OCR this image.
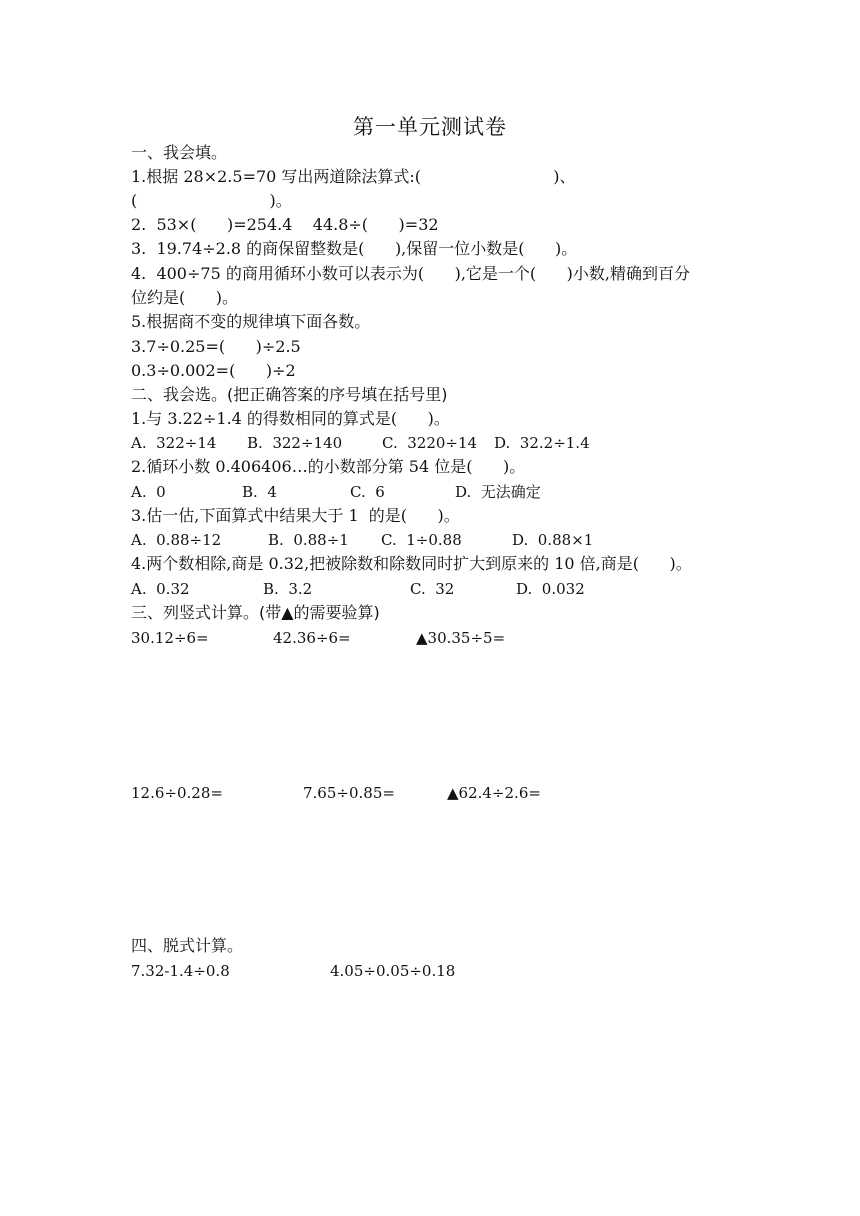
第一单元测试卷
一、我会填。
1.根据 28×2.5=70 写出两道除法算式:(                          )、
(                          )。
2.  53×(      )=254.4    44.8÷(      )=32
3.  19.74÷2.8 的商保留整数是(      ),保留一位小数是(      )。
4.  400÷75 的商用循环小数可以表示为(      ),它是一个(      )小数,精确到百分
位约是(      )。
5.根据商不变的规律填下面各数。
3.7÷0.25=(      )÷2.5
0.3÷0.002=(      )÷2
二、我会选。(把正确答案的序号填在括号里)
1.与 3.22÷1.4 的得数相同的算式是(      )。
A.  322÷14 B.  322÷140	C.  3220÷14 D.  32.2÷1.4
2.循环小数 0.406406…的小数部分第 54 位是(      )。
A.  0	B.  4	C.  6	D.  无法确定
3.估一估,下面算式中结果大于 1  的是(      )。
A.  0.88÷12	B.  0.88÷1 C.  1÷0.88	D.  0.88×1
4.两个数相除,商是 0.32,把被除数和除数同时扩大到原来的 10 倍,商是(      )。
A.  0.32	B.  3.2	C.  32	D.  0.032
三、列竖式计算。(带▲的需要验算)
30.12÷6=	42.36÷6=	▲30.35÷5=
12.6÷0.28=	7.65÷0.85=	▲62.4÷2.6=
四、脱式计算。
7.32-1.4÷0.8	4.05÷0.05÷0.18
